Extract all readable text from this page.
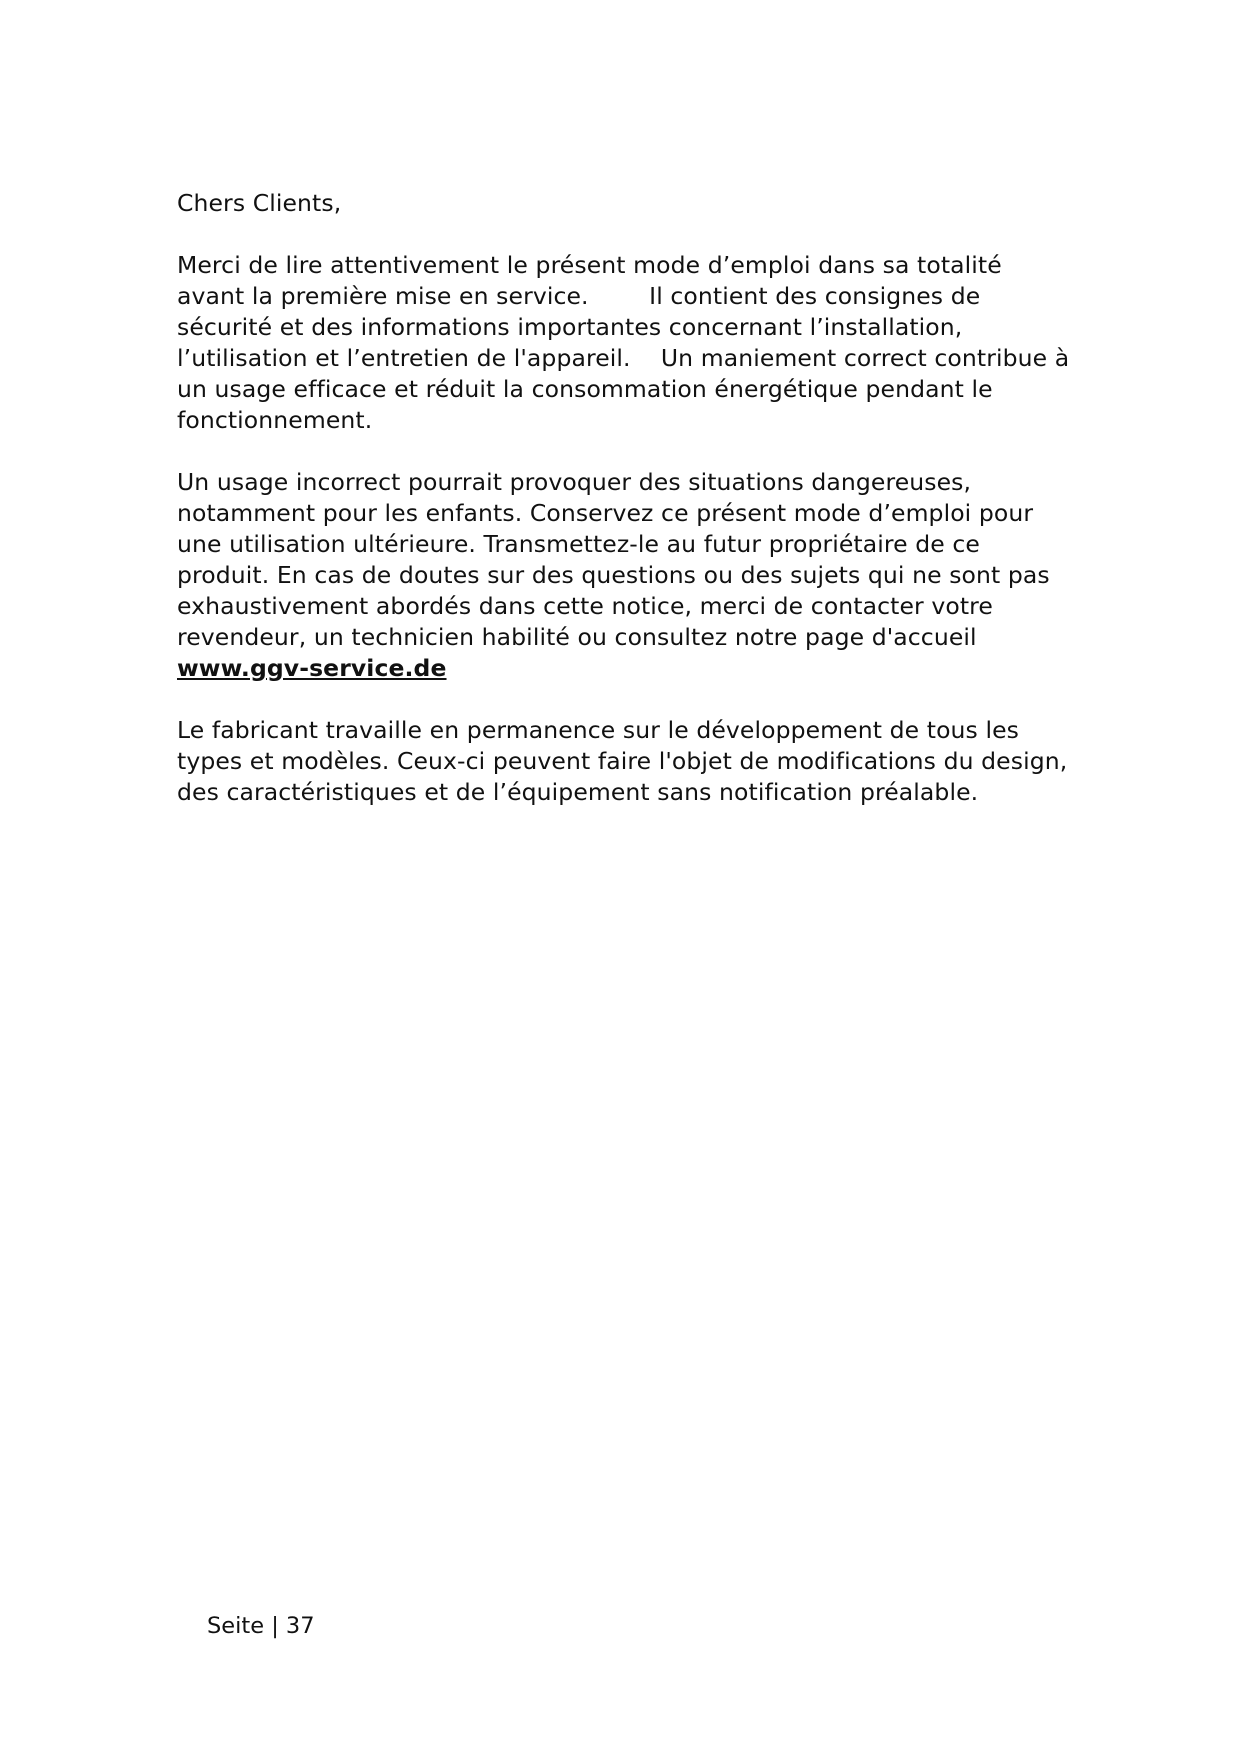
Chers Clients,
Merci de lire attentivement le présent mode d’emploi dans sa totalité
avant la première mise en service.        Il contient des consignes de
sécurité et des informations importantes concernant l’installation,
l’utilisation et l’entretien de l'appareil.    Un maniement correct contribue à
un usage efficace et réduit la consommation énergétique pendant le
fonctionnement.
Un usage incorrect pourrait provoquer des situations dangereuses,
notamment pour les enfants. Conservez ce présent mode d’emploi pour
une utilisation ultérieure. Transmettez-le au futur propriétaire de ce
produit. En cas de doutes sur des questions ou des sujets qui ne sont pas
exhaustivement abordés dans cette notice, merci de contacter votre
revendeur, un technicien habilité ou consultez notre page d'accueil
www.ggv-service.de
Le fabricant travaille en permanence sur le développement de tous les
types et modèles. Ceux-ci peuvent faire l'objet de modifications du design,
des caractéristiques et de l’équipement sans notification préalable.
Seite | 37
